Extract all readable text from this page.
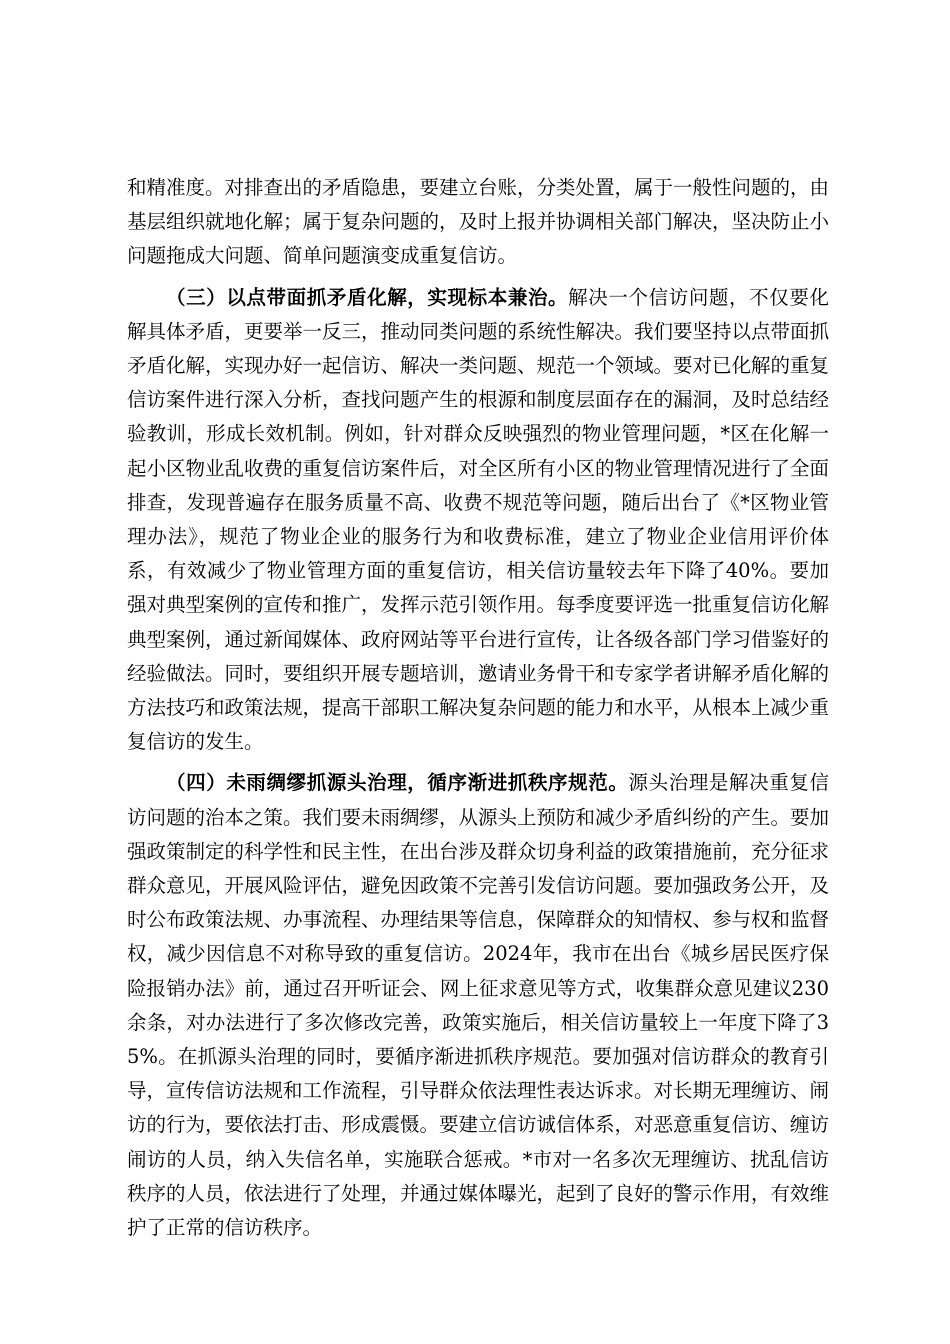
和精准度。对排查出的矛盾隐患，要建立台账，分类处置，属于一般性问题的，由基层组织就地化解；属于复杂问题的，及时上报并协调相关部门解决，坚决防止小问题拖成大问题、简单问题演变成重复信访。

（三）以点带面抓矛盾化解，实现标本兼治。解决一个信访问题，不仅要化解具体矛盾，更要举一反三，推动同类问题的系统性解决。我们要坚持以点带面抓矛盾化解，实现办好一起信访、解决一类问题、规范一个领域。要对已化解的重复信访案件进行深入分析，查找问题产生的根源和制度层面存在的漏洞，及时总结经验教训，形成长效机制。例如，针对群众反映强烈的物业管理问题，*区在化解一起小区物业乱收费的重复信访案件后，对全区所有小区的物业管理情况进行了全面排查，发现普遍存在服务质量不高、收费不规范等问题，随后出台了《*区物业管理办法》，规范了物业企业的服务行为和收费标准，建立了物业企业信用评价体系，有效减少了物业管理方面的重复信访，相关信访量较去年下降了40%。要加强对典型案例的宣传和推广，发挥示范引领作用。每季度要评选一批重复信访化解典型案例，通过新闻媒体、政府网站等平台进行宣传，让各级各部门学习借鉴好的经验做法。同时，要组织开展专题培训，邀请业务骨干和专家学者讲解矛盾化解的方法技巧和政策法规，提高干部职工解决复杂问题的能力和水平，从根本上减少重复信访的发生。

（四）未雨绸缪抓源头治理，循序渐进抓秩序规范。源头治理是解决重复信访问题的治本之策。我们要未雨绸缪，从源头上预防和减少矛盾纠纷的产生。要加强政策制定的科学性和民主性，在出台涉及群众切身利益的政策措施前，充分征求群众意见，开展风险评估，避免因政策不完善引发信访问题。要加强政务公开，及时公布政策法规、办事流程、办理结果等信息，保障群众的知情权、参与权和监督权，减少因信息不对称导致的重复信访。2024年，我市在出台《城乡居民医疗保险报销办法》前，通过召开听证会、网上征求意见等方式，收集群众意见建议230余条，对办法进行了多次修改完善，政策实施后，相关信访量较上一年度下降了35%。在抓源头治理的同时，要循序渐进抓秩序规范。要加强对信访群众的教育引导，宣传信访法规和工作流程，引导群众依法理性表达诉求。对长期无理缠访、闹访的行为，要依法打击、形成震慑。要建立信访诚信体系，对恶意重复信访、缠访闹访的人员，纳入失信名单，实施联合惩戒。*市对一名多次无理缠访、扰乱信访秩序的人员，依法进行了处理，并通过媒体曝光，起到了良好的警示作用，有效维护了正常的信访秩序。
